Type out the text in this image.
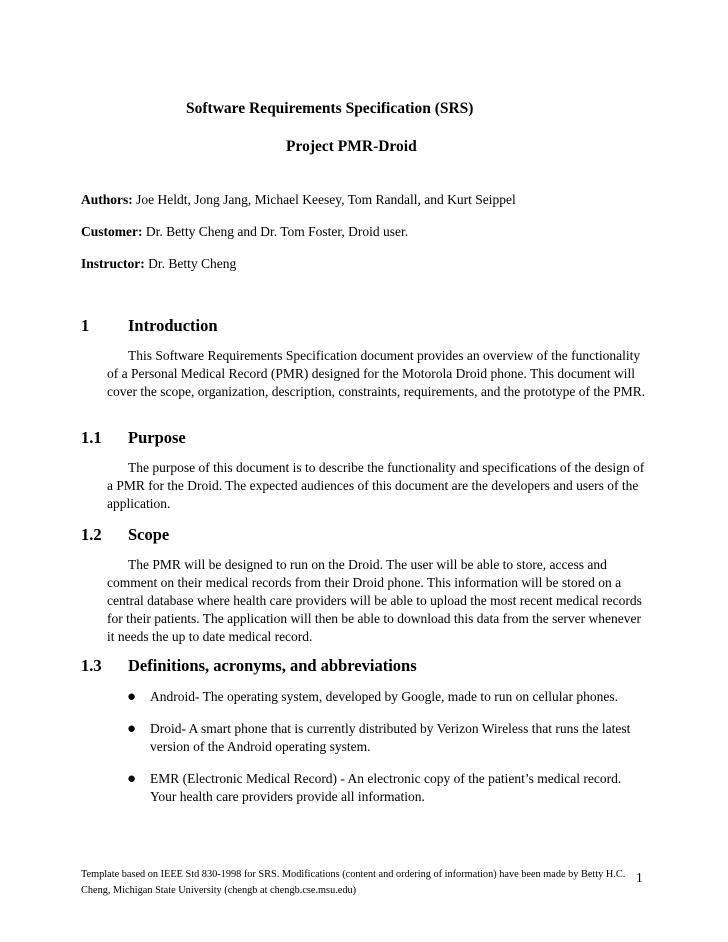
Software Requirements Specification (SRS)
Project PMR-Droid
Authors: Joe Heldt, Jong Jang, Michael Keesey, Tom Randall, and Kurt Seippel
Customer: Dr. Betty Cheng and Dr. Tom Foster, Droid user.
Instructor: Dr. Betty Cheng
1 Introduction
This Software Requirements Specification document provides an overview of the functionality of a Personal Medical Record (PMR) designed for the Motorola Droid phone. This document will cover the scope, organization, description, constraints, requirements, and the prototype of the PMR.
1.1 Purpose
The purpose of this document is to describe the functionality and specifications of the design of a PMR for the Droid. The expected audiences of this document are the developers and users of the application.
1.2 Scope
The PMR will be designed to run on the Droid. The user will be able to store, access and comment on their medical records from their Droid phone. This information will be stored on a central database where health care providers will be able to upload the most recent medical records for their patients. The application will then be able to download this data from the server whenever it needs the up to date medical record.
1.3 Definitions, acronyms, and abbreviations
● Android- The operating system, developed by Google, made to run on cellular phones.
● Droid- A smart phone that is currently distributed by Verizon Wireless that runs the latest version of the Android operating system.
● EMR (Electronic Medical Record) - An electronic copy of the patient’s medical record. Your health care providers provide all information.
Template based on IEEE Std 830-1998 for SRS. Modifications (content and ordering of information) have been made by Betty H.C. Cheng, Michigan State University (chengb at chengb.cse.msu.edu)
1
